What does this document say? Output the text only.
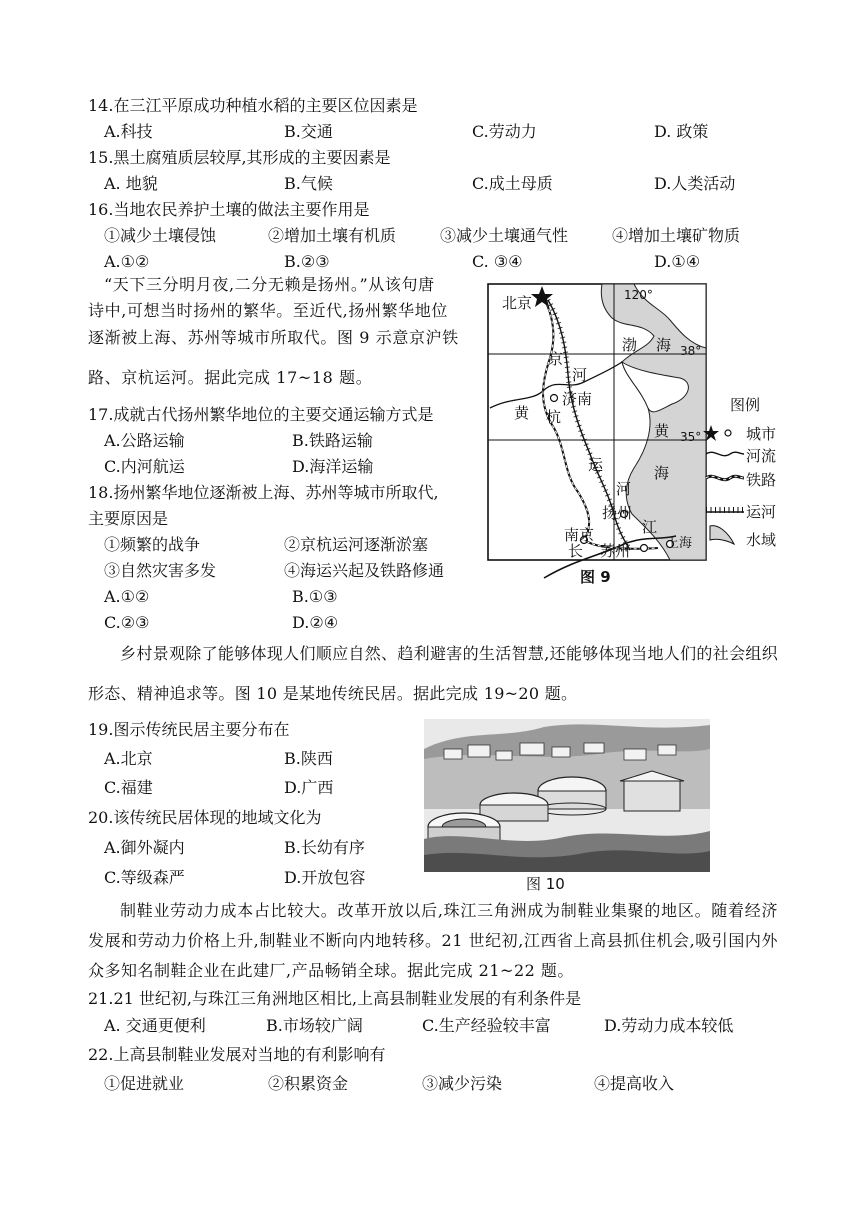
14.在三江平原成功种植水稻的主要区位因素是
A.科技	B.交通	C.劳动力	D. 政策
15.黑土腐殖质层较厚,其形成的主要因素是
A. 地貌	B.气候	C.成土母质	D.人类活动
16.当地农民养护土壤的做法主要作用是
①减少土壤侵蚀	②增加土壤有机质	③减少土壤通气性	④增加土壤矿物质
A.①②	B.②③	C. ③④	D.①④
“天下三分明月夜,二分无赖是扬州。”从该句唐
诗中,可想当时扬州的繁华。至近代,扬州繁华地位
逐渐被上海、苏州等城市所取代。图 9 示意京沪铁
路、京杭运河。据此完成 17~18 题。
17.成就古代扬州繁华地位的主要交通运输方式是
A.公路运输	B.铁路运输
C.内河航运	D.海洋运输
18.扬州繁华地位逐渐被上海、苏州等城市所取代,
主要原因是
①频繁的战争	②京杭运河逐渐淤塞
③自然灾害多发	④海运兴起及铁路修通
A.①②	B.①③
C.②③	D.②④
北京	120°
38°
35°
渤 海
黄
海
京
河
杭
运
河
济南
黄
扬州
南京
长
江
苏州	上海
图例
城市
河流
铁路
运河
水域
图 9
乡村景观除了能够体现人们顺应自然、趋利避害的生活智慧,还能够体现当地人们的社会组织形态、精神追求等。图 10 是某地传统民居。据此完成 19~20 题。
19.图示传统民居主要分布在
A.北京	B.陕西
C.福建	D.广西
20.该传统民居体现的地域文化为
A.御外凝内	B.长幼有序
C.等级森严	D.开放包容	图 10
制鞋业劳动力成本占比较大。改革开放以后,珠江三角洲成为制鞋业集聚的地区。随着经济发展和劳动力价格上升,制鞋业不断向内地转移。21 世纪初,江西省上高县抓住机会,吸引国内外众多知名制鞋企业在此建厂,产品畅销全球。据此完成 21~22 题。
21.21 世纪初,与珠江三角洲地区相比,上高县制鞋业发展的有利条件是
A. 交通更便利	B.市场较广阔	C.生产经验较丰富	D.劳动力成本较低
22.上高县制鞋业发展对当地的有利影响有
①促进就业	②积累资金	③减少污染	④提高收入
